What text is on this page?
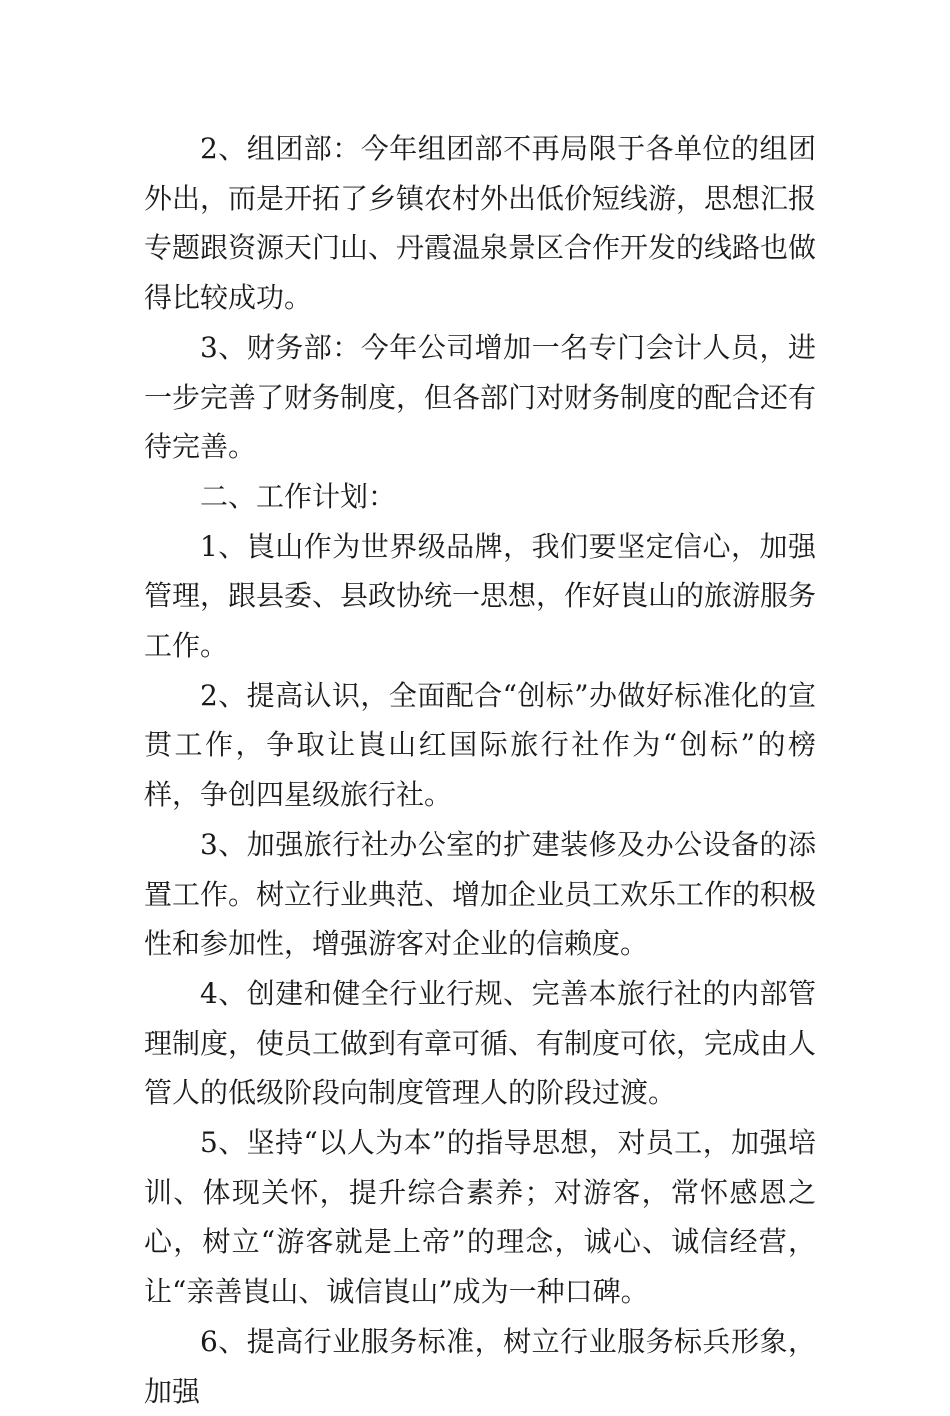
2、组团部：今年组团部不再局限于各单位的组团外出，而是开拓了乡镇农村外出低价短线游，思想汇报专题跟资源天门山、丹霞温泉景区合作开发的线路也做得比较成功。

3、财务部：今年公司增加一名专门会计人员，进一步完善了财务制度，但各部门对财务制度的配合还有待完善。

二、工作计划：

1、崀山作为世界级品牌，我们要坚定信心，加强管理，跟县委、县政协统一思想，作好崀山的旅游服务工作。

2、提高认识，全面配合“创标”办做好标准化的宣贯工作，争取让崀山红国际旅行社作为“创标”的榜样，争创四星级旅行社。

3、加强旅行社办公室的扩建装修及办公设备的添置工作。树立行业典范、增加企业员工欢乐工作的积极性和参加性，增强游客对企业的信赖度。

4、创建和健全行业行规、完善本旅行社的内部管理制度，使员工做到有章可循、有制度可依，完成由人管人的低级阶段向制度管理人的阶段过渡。

5、坚持“以人为本”的指导思想，对员工，加强培训、体现关怀，提升综合素养；对游客，常怀感恩之心，树立“游客就是上帝”的理念，诚心、诚信经营，让“亲善崀山、诚信崀山”成为一种口碑。

6、提高行业服务标准，树立行业服务标兵形象，加强
